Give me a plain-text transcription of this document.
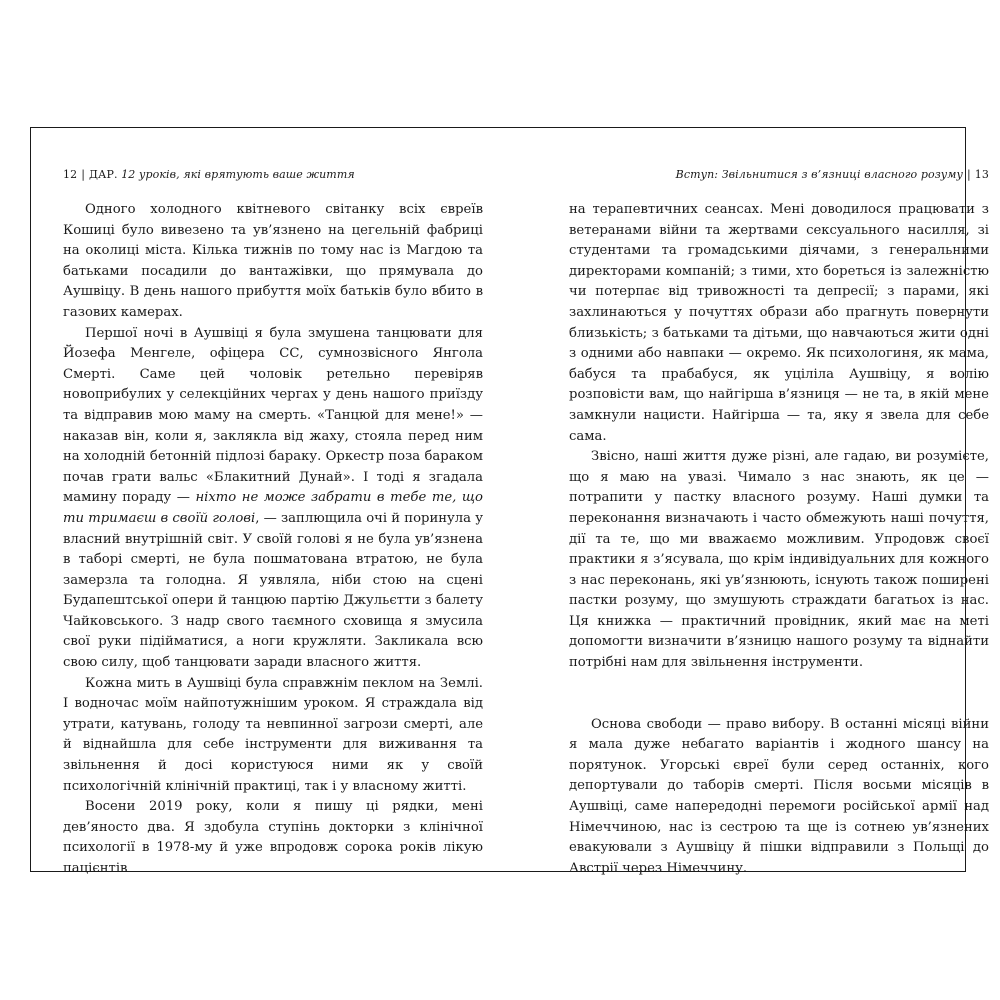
12 | ДАР. 12 уроків, які врятують ваше життя

Одного холодного квітневого світанку всіх євреїв Кошиці було вивезено та ув’язнено на цегельній фабриці на околиці міста. Кілька тижнів по тому нас із Магдою та батьками посадили до вантажівки, що прямувала до Аушвіцу. В день нашого прибуття моїх батьків було вбито в газових камерах.

Першої ночі в Аушвіці я була змушена танцювати для Йозефа Менгеле, офіцера СС, сумнозвісного Янгола Смерті. Саме цей чоловік ретельно перевіряв новоприбулих у селекційних чергах у день нашого приїзду та відправив мою маму на смерть. «Танцюй для мене!» — наказав він, коли я, заклякла від жаху, стояла перед ним на холодній бетонній підлозі бараку. Оркестр поза бараком почав грати вальс «Блакитний Дунай». І тоді я згадала мамину пораду — ніхто не може забрати в тебе те, що ти тримаєш в своїй голові, — заплющила очі й поринула у власний внутрішній світ. У своїй голові я не була ув’язнена в таборі смерті, не була пошматована втратою, не була замерзла та голодна. Я уявляла, ніби стою на сцені Будапештської опери й танцюю партію Джульєтти з балету Чайковського. З надр свого таємного сховища я змусила свої руки підійматися, а ноги кружляти. Закликала всю свою силу, щоб танцювати заради власного життя.

Кожна мить в Аушвіці була справжнім пеклом на Землі. І водночас моїм найпотужнішим уроком. Я страждала від утрати, катувань, голоду та невпинної загрози смерті, але й віднайшла для себе інструменти для виживання та звільнення й досі користуюся ними як у своїй психологічній клінічній практиці, так і у власному житті.

Восени 2019 року, коли я пишу ці рядки, мені дев’яносто два. Я здобула ступінь докторки з клінічної психології в 1978-му й уже впродовж сорока років лікую пацієнтів

Вступ: Звільнитися з в’язниці власного розуму | 13

на терапевтичних сеансах. Мені доводилося працювати з ветеранами війни та жертвами сексуального насилля, зі студентами та громадськими діячами, з генеральними директорами компаній; з тими, хто бореться із залежністю чи потерпає від тривожності та депресії; з парами, які захлинаються у почуттях образи або прагнуть повернути близькість; з батьками та дітьми, що навчаються жити одні з одними або навпаки — окремо. Як психологиня, як мама, бабуся та прабабуся, як уціліла Аушвіцу, я волію розповісти вам, що найгірша в’язниця — не та, в якій мене замкнули нацисти. Найгірша — та, яку я звела для себе сама.

Звісно, наші життя дуже різні, але гадаю, ви розумієте, що я маю на увазі. Чимало з нас знають, як це — потрапити у пастку власного розуму. Наші думки та переконання визначають і часто обмежують наші почуття, дії та те, що ми вважаємо можливим. Упродовж своєї практики я з’ясувала, що крім індивідуальних для кожного з нас переконань, які ув’язнюють, існують також поширені пастки розуму, що змушують страждати багатьох із нас. Ця книжка — практичний провідник, який має на меті допомогти визначити в’язницю нашого розуму та віднайти потрібні нам для звільнення інструменти.

Основа свободи — право вибору. В останні місяці війни я мала дуже небагато варіантів і жодного шансу на порятунок. Угорські євреї були серед останніх, кого депортували до таборів смерті. Після восьми місяців в Аушвіці, саме напередодні перемоги російської армії над Німеччиною, нас із сестрою та ще із сотнею ув’язнених евакуювали з Аушвіцу й пішки відправили з Польщі до Австрії через Німеччину.
